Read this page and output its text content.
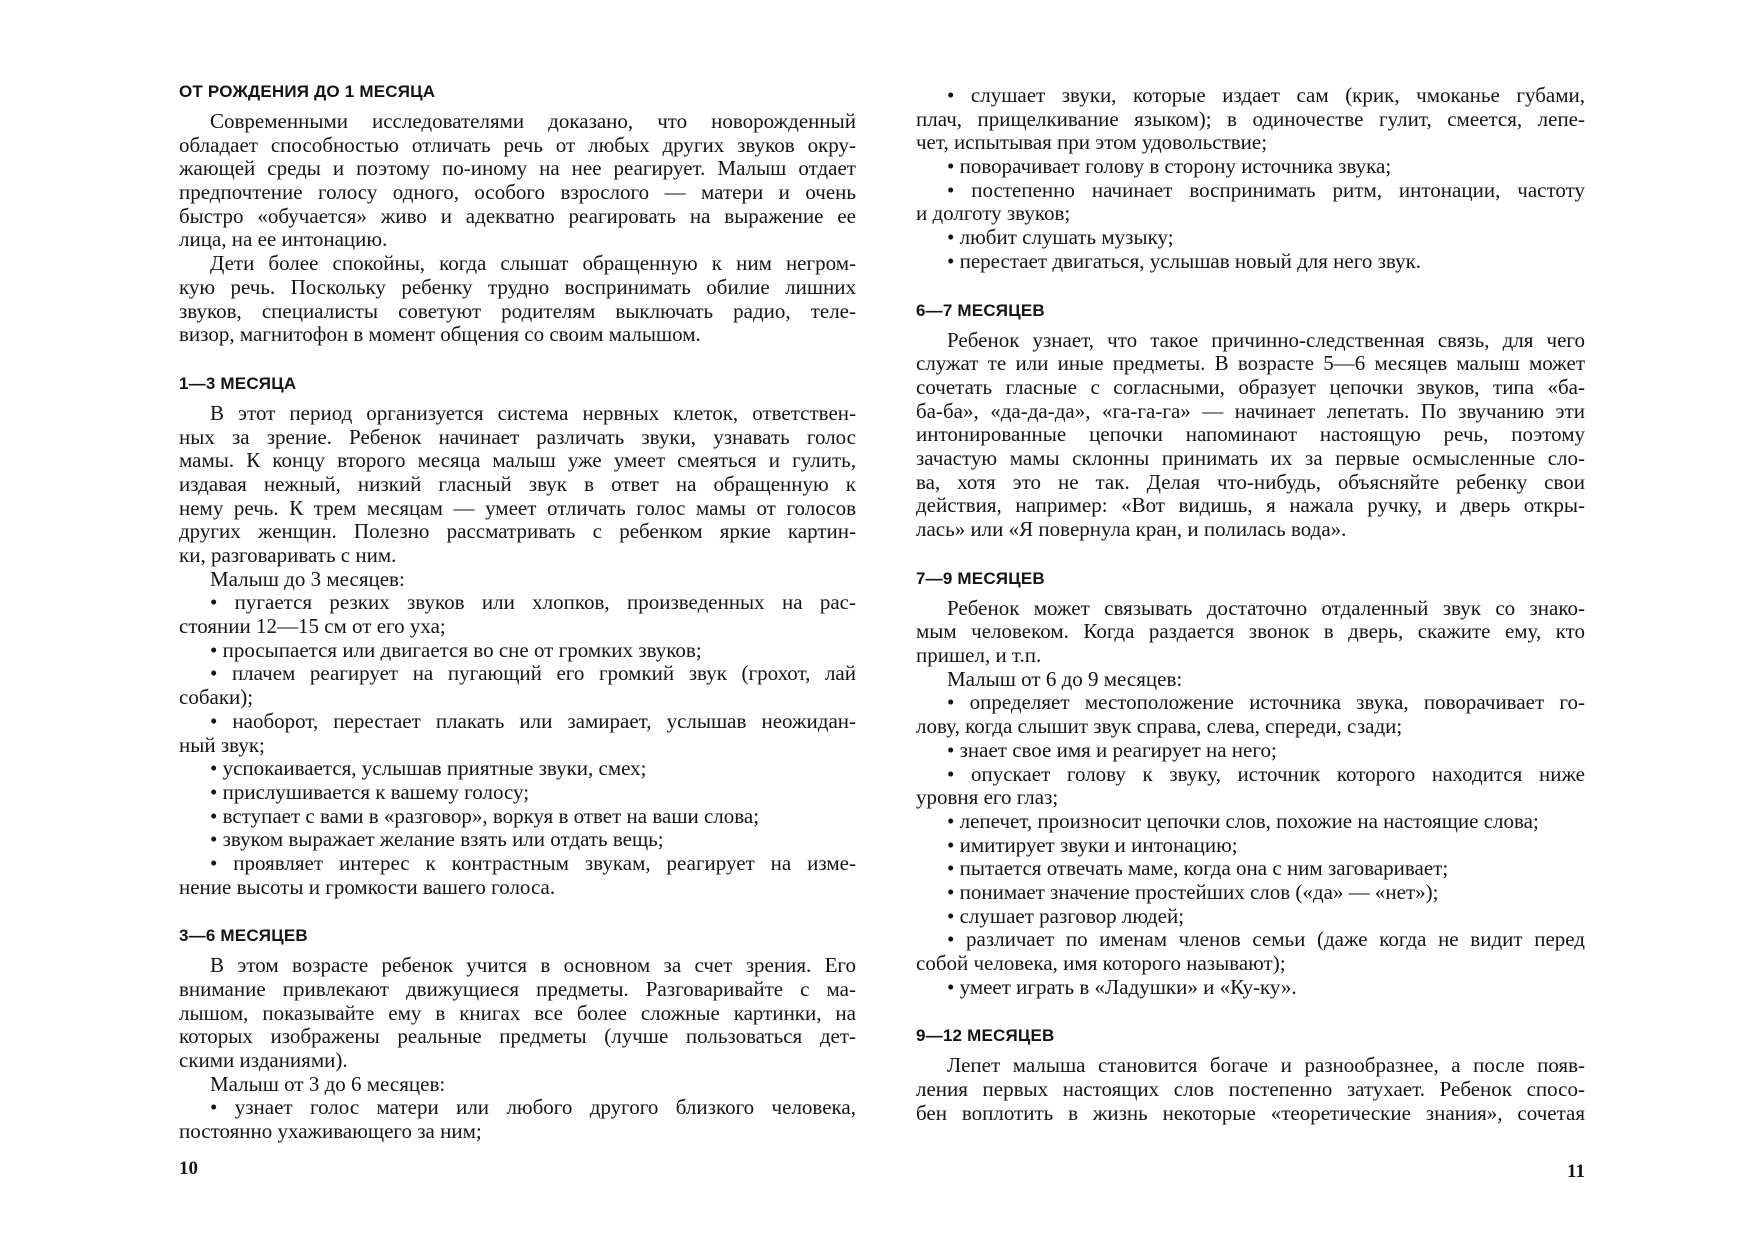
ОТ РОЖДЕНИЯ ДО 1 МЕСЯЦА
Современными исследователями доказано, что новорожденный
обладает способностью отличать речь от любых других звуков окру-
жающей среды и поэтому по-иному на нее реагирует. Малыш отдает
предпочтение голосу одного, особого взрослого — матери и очень
быстро «обучается» живо и адекватно реагировать на выражение ее
лица, на ее интонацию.
Дети более спокойны, когда слышат обращенную к ним негром-
кую речь. Поскольку ребенку трудно воспринимать обилие лишних
звуков, специалисты советуют родителям выключать радио, теле-
визор, магнитофон в момент общения со своим малышом.
1—3 МЕСЯЦА
В этот период организуется система нервных клеток, ответствен-
ных за зрение. Ребенок начинает различать звуки, узнавать голос
мамы. К концу второго месяца малыш уже умеет смеяться и гулить,
издавая нежный, низкий гласный звук в ответ на обращенную к
нему речь. К трем месяцам — умеет отличать голос мамы от голосов
других женщин. Полезно рассматривать с ребенком яркие картин-
ки, разговаривать с ним.
Малыш до 3 месяцев:
• пугается резких звуков или хлопков, произведенных на рас-
стоянии 12—15 см от его уха;
• просыпается или двигается во сне от громких звуков;
• плачем реагирует на пугающий его громкий звук (грохот, лай
собаки);
• наоборот, перестает плакать или замирает, услышав неожидан-
ный звук;
• успокаивается, услышав приятные звуки, смех;
• прислушивается к вашему голосу;
• вступает с вами в «разговор», воркуя в ответ на ваши слова;
• звуком выражает желание взять или отдать вещь;
• проявляет интерес к контрастным звукам, реагирует на изме-
нение высоты и громкости вашего голоса.
3—6 МЕСЯЦЕВ
В этом возрасте ребенок учится в основном за счет зрения. Его
внимание привлекают движущиеся предметы. Разговаривайте с ма-
лышом, показывайте ему в книгах все более сложные картинки, на
которых изображены реальные предметы (лучше пользоваться дет-
скими изданиями).
Малыш от 3 до 6 месяцев:
• узнает голос матери или любого другого близкого человека,
постоянно ухаживающего за ним;
• слушает звуки, которые издает сам (крик, чмоканье губами,
плач, прищелкивание языком); в одиночестве гулит, смеется, лепе-
чет, испытывая при этом удовольствие;
• поворачивает голову в сторону источника звука;
• постепенно начинает воспринимать ритм, интонации, частоту
и долготу звуков;
• любит слушать музыку;
• перестает двигаться, услышав новый для него звук.
6—7 МЕСЯЦЕВ
Ребенок узнает, что такое причинно-следственная связь, для чего
служат те или иные предметы. В возрасте 5—6 месяцев малыш может
сочетать гласные с согласными, образует цепочки звуков, типа «ба-
ба-ба», «да-да-да», «га-га-га» — начинает лепетать. По звучанию эти
интонированные цепочки напоминают настоящую речь, поэтому
зачастую мамы склонны принимать их за первые осмысленные сло-
ва, хотя это не так. Делая что-нибудь, объясняйте ребенку свои
действия, например: «Вот видишь, я нажала ручку, и дверь откры-
лась» или «Я повернула кран, и полилась вода».
7—9 МЕСЯЦЕВ
Ребенок может связывать достаточно отдаленный звук со знако-
мым человеком. Когда раздается звонок в дверь, скажите ему, кто
пришел, и т.п.
Малыш от 6 до 9 месяцев:
• определяет местоположение источника звука, поворачивает го-
лову, когда слышит звук справа, слева, спереди, сзади;
• знает свое имя и реагирует на него;
• опускает голову к звуку, источник которого находится ниже
уровня его глаз;
• лепечет, произносит цепочки слов, похожие на настоящие слова;
• имитирует звуки и интонацию;
• пытается отвечать маме, когда она с ним заговаривает;
• понимает значение простейших слов («да» — «нет»);
• слушает разговор людей;
• различает по именам членов семьи (даже когда не видит перед
собой человека, имя которого называют);
• умеет играть в «Ладушки» и «Ку-ку».
9—12 МЕСЯЦЕВ
Лепет малыша становится богаче и разнообразнее, а после появ-
ления первых настоящих слов постепенно затухает. Ребенок спосо-
бен воплотить в жизнь некоторые «теоретические знания», сочетая
10	11
